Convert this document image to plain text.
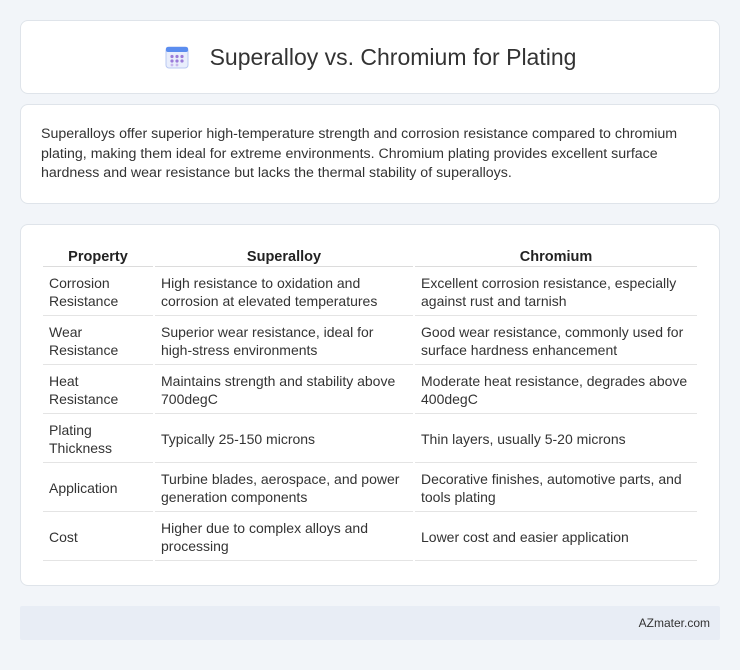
Superalloy vs. Chromium for Plating

Superalloys offer superior high-temperature strength and corrosion resistance compared to chromium plating, making them ideal for extreme environments. Chromium plating provides excellent surface hardness and wear resistance but lacks the thermal stability of superalloys.

Property	Superalloy	Chromium
Corrosion Resistance	High resistance to oxidation and corrosion at elevated temperatures	Excellent corrosion resistance, especially against rust and tarnish
Wear Resistance	Superior wear resistance, ideal for high-stress environments	Good wear resistance, commonly used for surface hardness enhancement
Heat Resistance	Maintains strength and stability above 700degC	Moderate heat resistance, degrades above 400degC
Plating Thickness	Typically 25-150 microns	Thin layers, usually 5-20 microns
Application	Turbine blades, aerospace, and power generation components	Decorative finishes, automotive parts, and tools plating
Cost	Higher due to complex alloys and processing	Lower cost and easier application
AZmater.com
